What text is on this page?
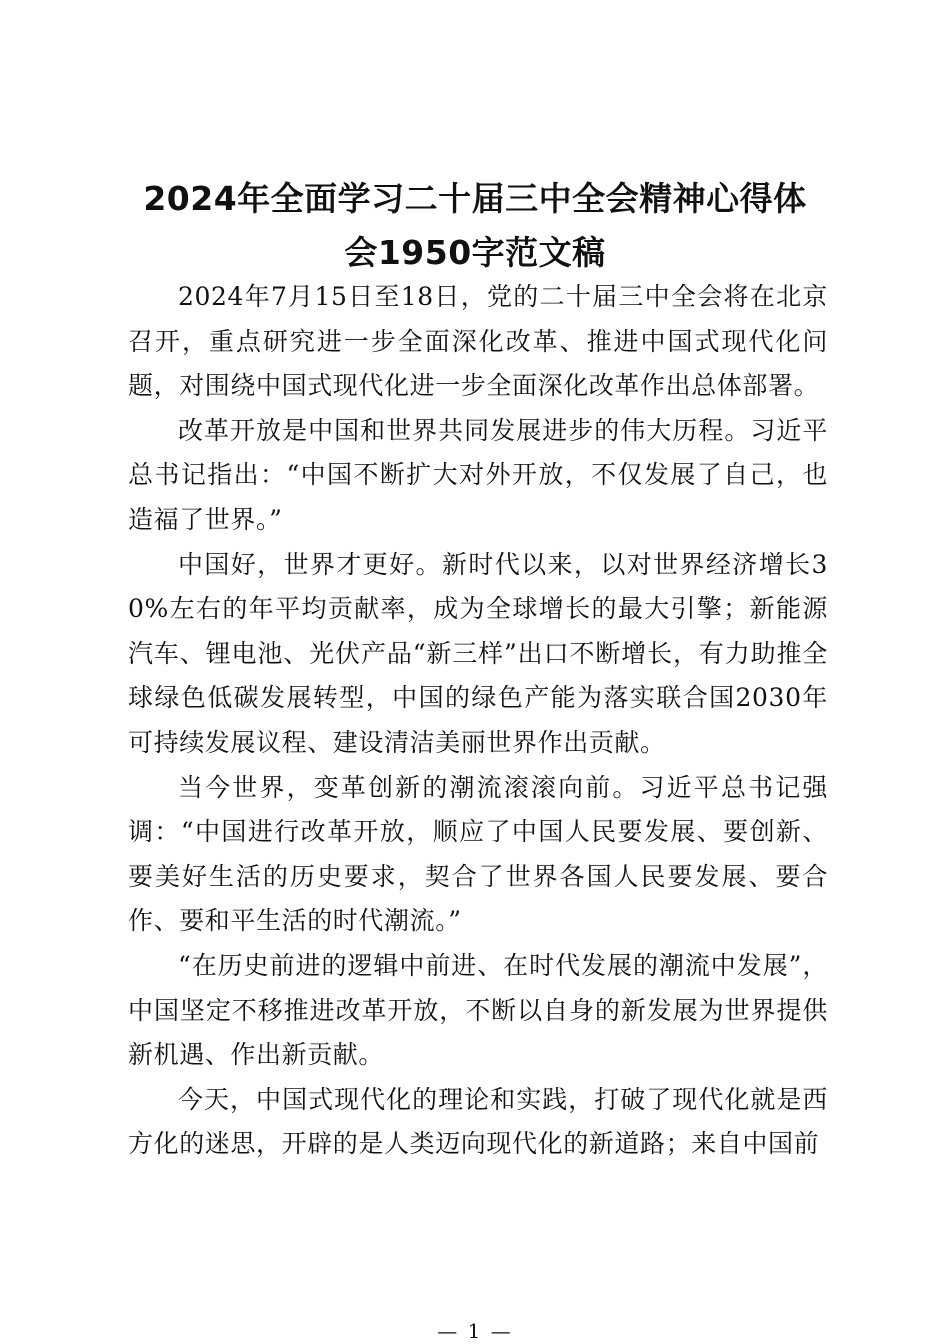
2024年全面学习二十届三中全会精神心得体
会1950字范文稿

2024年7月15日至18日，党的二十届三中全会将在北京召开，重点研究进一步全面深化改革、推进中国式现代化问题，对围绕中国式现代化进一步全面深化改革作出总体部署。

改革开放是中国和世界共同发展进步的伟大历程。习近平总书记指出：“中国不断扩大对外开放，不仅发展了自己，也造福了世界。”

中国好，世界才更好。新时代以来，以对世界经济增长30%左右的年平均贡献率，成为全球增长的最大引擎；新能源汽车、锂电池、光伏产品“新三样”出口不断增长，有力助推全球绿色低碳发展转型，中国的绿色产能为落实联合国2030年可持续发展议程、建设清洁美丽世界作出贡献。

当今世界，变革创新的潮流滚滚向前。习近平总书记强调：“中国进行改革开放，顺应了中国人民要发展、要创新、要美好生活的历史要求，契合了世界各国人民要发展、要合作、要和平生活的时代潮流。”

“在历史前进的逻辑中前进、在时代发展的潮流中发展”，中国坚定不移推进改革开放，不断以自身的新发展为世界提供新机遇、作出新贡献。

今天，中国式现代化的理论和实践，打破了现代化就是西方化的迷思，开辟的是人类迈向现代化的新道路；来自中国前

— 1 —
